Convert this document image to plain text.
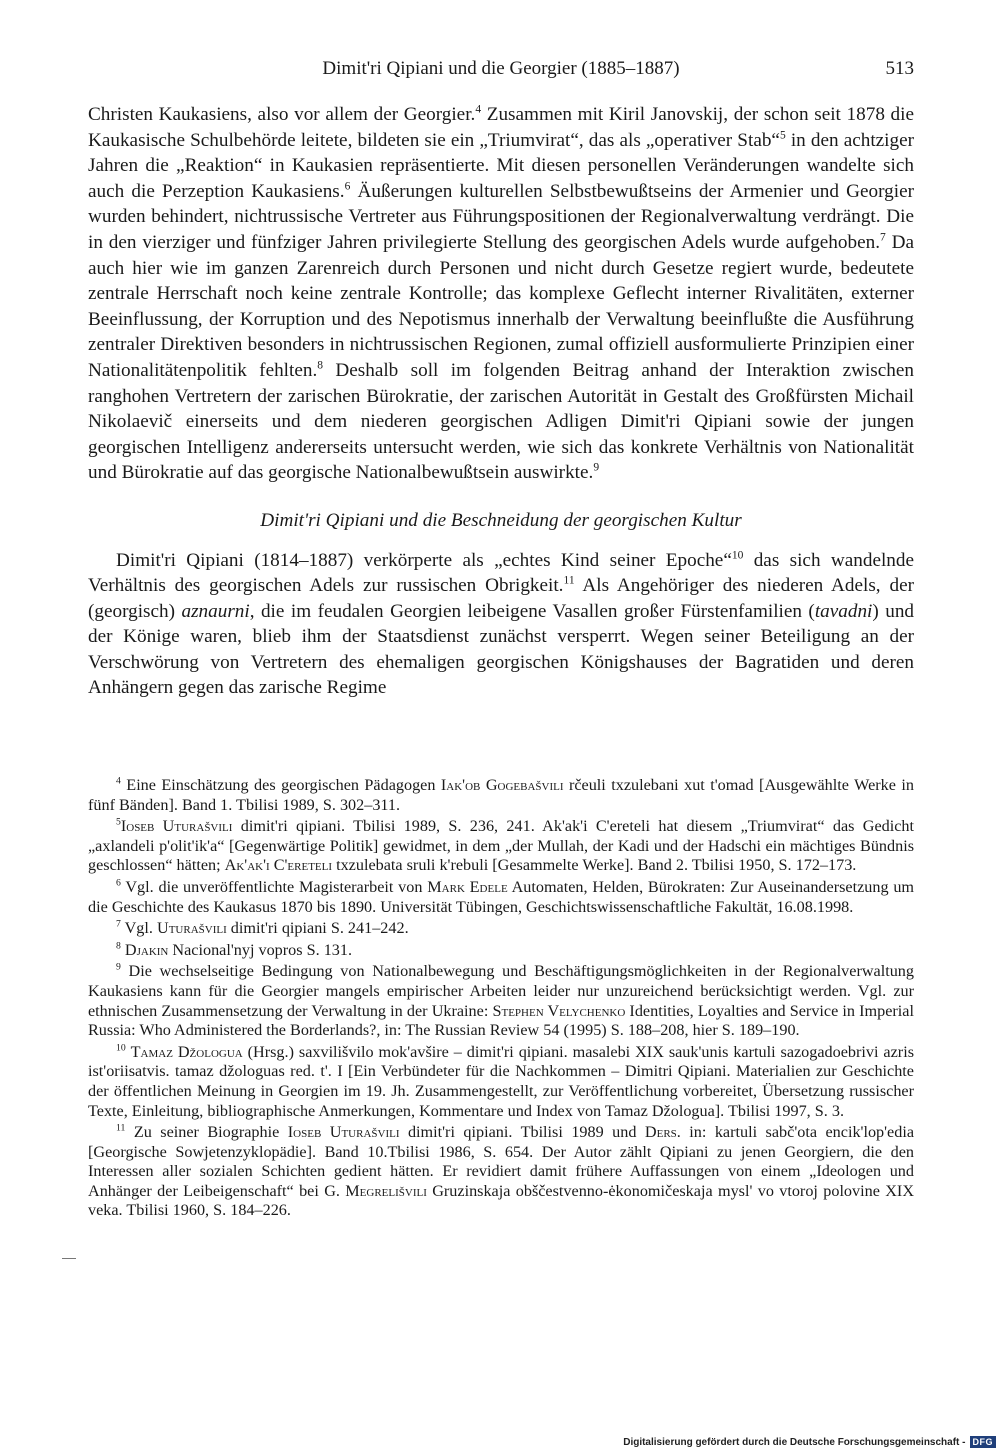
Dimit'ri Qipiani und die Georgier (1885–1887)	513

Christen Kaukasiens, also vor allem der Georgier.$^4$ Zusammen mit Kiril Janovskij, der schon seit 1878 die Kaukasische Schulbehörde leitete, bildeten sie ein „Triumvirat“, das als „operativer Stab“$^5$ in den achtziger Jahren die „Reaktion“ in Kaukasien repräsentierte. Mit diesen personellen Veränderungen wandelte sich auch die Perzeption Kaukasiens.$^6$ Äußerungen kulturellen Selbstbewußtseins der Armenier und Georgier wurden behindert, nichtrussische Vertreter aus Führungspositionen der Regionalverwaltung verdrängt. Die in den vierziger und fünfziger Jahren privilegierte Stellung des georgischen Adels wurde aufgehoben.$^7$ Da auch hier wie im ganzen Zarenreich durch Personen und nicht durch Gesetze regiert wurde, bedeutete zentrale Herrschaft noch keine zentrale Kontrolle; das komplexe Geflecht interner Rivalitäten, externer Beeinflussung, der Korruption und des Nepotismus innerhalb der Verwaltung beeinflußte die Ausführung zentraler Direktiven besonders in nichtrussischen Regionen, zumal offiziell ausformulierte Prinzipien einer Nationalitätenpolitik fehlten.$^8$ Deshalb soll im folgenden Beitrag anhand der Interaktion zwischen ranghohen Vertretern der zarischen Bürokratie, der zarischen Autorität in Gestalt des Großfürsten Michail Nikolaevič einerseits und dem niederen georgischen Adligen Dimit'ri Qipiani sowie der jungen georgischen Intelligenz andererseits untersucht werden, wie sich das konkrete Verhältnis von Nationalität und Bürokratie auf das georgische Nationalbewußtsein auswirkte.$^9$

Dimit'ri Qipiani und die Beschneidung der georgischen Kultur

Dimit'ri Qipiani (1814–1887) verkörperte als „echtes Kind seiner Epoche“$^{10}$ das sich wandelnde Verhältnis des georgischen Adels zur russischen Obrigkeit.$^{11}$ Als Angehöriger des niederen Adels, der (georgisch) aznaurni, die im feudalen Georgien leibeigene Vasallen großer Fürstenfamilien (tavadni) und der Könige waren, blieb ihm der Staatsdienst zunächst versperrt. Wegen seiner Beteiligung an der Verschwörung von Vertretern des ehemaligen georgischen Königshauses der Bagratiden und deren Anhängern gegen das zarische Regime

$^4$ Eine Einschätzung des georgischen Pädagogen Iak'ob Gogebašvili rčeuli txzulebani xut t'omad [Ausgewählte Werke in fünf Bänden]. Band 1. Tbilisi 1989, S. 302–311.

$^5$Ioseb Uturašvili dimit'ri qipiani. Tbilisi 1989, S. 236, 241. Ak'ak'i C'ereteli hat diesem „Triumvirat“ das Gedicht „axlandeli p'olit'ik'a“ [Gegenwärtige Politik] gewidmet, in dem „der Mullah, der Kadi und der Hadschi ein mächtiges Bündnis geschlossen“ hätten; Ak'ak'i C'ereteli txzulebata sruli k'rebuli [Gesammelte Werke]. Band 2. Tbilisi 1950, S. 172–173.

$^6$ Vgl. die unveröffentlichte Magisterarbeit von Mark Edele Automaten, Helden, Bürokraten: Zur Auseinandersetzung um die Geschichte des Kaukasus 1870 bis 1890. Universität Tübingen, Geschichtswissenschaftliche Fakultät, 16.08.1998.

$^7$ Vgl. Uturašvili dimit'ri qipiani S. 241–242.

$^8$ Djakin Nacional'nyj vopros S. 131.

$^9$ Die wechselseitige Bedingung von Nationalbewegung und Beschäftigungsmöglichkeiten in der Regionalverwaltung Kaukasiens kann für die Georgier mangels empirischer Arbeiten leider nur unzureichend berücksichtigt werden. Vgl. zur ethnischen Zusammensetzung der Verwaltung in der Ukraine: Stephen Velychenko Identities, Loyalties and Service in Imperial Russia: Who Administered the Borderlands?, in: The Russian Review 54 (1995) S. 188–208, hier S. 189–190.

$^{10}$ Tamaz Džologua (Hrsg.) saxvilišvilo mok'avšire – dimit'ri qipiani. masalebi XIX sauk'unis kartuli sazogadoebrivi azris ist'oriisatvis. tamaz džologuas red. t'. I [Ein Verbündeter für die Nachkommen – Dimitri Qipiani. Materialien zur Geschichte der öffentlichen Meinung in Georgien im 19. Jh. Zusammengestellt, zur Veröffentlichung vorbereitet, Übersetzung russischer Texte, Einleitung, bibliographische Anmerkungen, Kommentare und Index von Tamaz Džologua]. Tbilisi 1997, S. 3.

$^{11}$ Zu seiner Biographie Ioseb Uturašvili dimit'ri qipiani. Tbilisi 1989 und Ders. in: kartuli sabč'ota encik'lop'edia [Georgische Sowjetenzyklopädie]. Band 10.Tbilisi 1986, S. 654. Der Autor zählt Qipiani zu jenen Georgiern, die den Interessen aller sozialen Schichten gedient hätten. Er revidiert damit frühere Auffassungen von einem „Ideologen und Anhänger der Leibeigenschaft“ bei G. Megrelišvili Gruzinskaja obščestvenno-ėkonomičeskaja mysl' vo vtoroj polovine XIX veka. Tbilisi 1960, S. 184–226.

Digitalisierung gefördert durch die Deutsche Forschungsgemeinschaft - DFG
